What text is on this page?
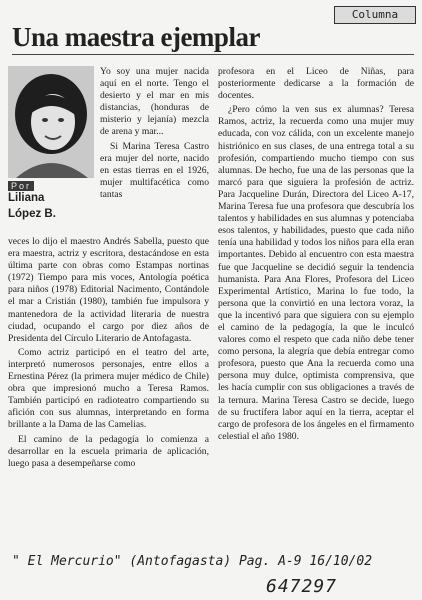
Columna
Una maestra ejemplar
Por
Liliana
López B.

Yo soy una mujer nacida aquí en el norte. Tengo el desierto y el mar en mis distancias, (honduras de misterio y lejanía) mezcla de arena y mar...

Si Marina Teresa Castro era mujer del norte, nacido en estas tierras en el 1926, mujer multifacética como tantas

veces lo dijo el maestro Andrés Sabella, puesto que era maestra, actriz y escritora, destacándose en esta última parte con obras como Estampas nortinas (1972) Tiempo para mis voces, Antología poética para niños (1978) Editorial Nacimento, Contándole el mar a Cristián (1980), también fue impulsora y mantenedora de la actividad literaria de nuestra ciudad, ocupando el cargo por diez años de Presidenta del Círculo Literario de Antofagasta.

Como actriz participó en el teatro del arte, interpretó numerosos personajes, entre ellos a Ernestina Pérez (la primera mujer médico de Chile) obra que impresionó mucho a Teresa Ramos. También participó en radioteatro compartiendo su afición con sus alumnas, interpretando en forma brillante a la Dama de las Camelias.

El camino de la pedagogía lo comienza a desarrollar en la escuela primaria de aplicación, luego pasa a desempeñarse como

profesora en el Liceo de Niñas, para posteriormente dedicarse a la formación de docentes.

¿Pero cómo la ven sus ex alumnas? Teresa Ramos, actriz, la recuerda como una mujer muy educada, con voz cálida, con un excelente manejo histriónico en sus clases, de una entrega total a su profesión, compartiendo mucho tiempo con sus alumnas. De hecho, fue una de las personas que la marcó para que siguiera la profesión de actriz. Para Jacqueline Durán, Directora del Liceo A-17, Marina Teresa fue una profesora que descubría los talentos y habilidades en sus alumnas y potenciaba esos talentos, y habilidades, puesto que cada niño tenía una habilidad y todos los niños para ella eran importantes. Debido al encuentro con esta maestra fue que Jacqueline se decidió seguir la tendencia humanista. Para Ana Flores, Profesora del Liceo Experimental Artístico, Marina lo fue todo, la persona que la convirtió en una lectora voraz, la que la incentivó para que siguiera con su ejemplo el camino de la pedagogía, la que le inculcó valores como el respeto que cada niño debe tener como persona, la alegría que debía entregar como profesora, puesto que Ana la recuerda como una persona muy dulce, optimista comprensiva, que les hacía cumplir con sus obligaciones a través de la ternura. Marina Teresa Castro se decide, luego de su fructífera labor aquí en la tierra, aceptar el cargo de profesora de los ángeles en el firmamento celestial el año 1980.

" El Mercurio" (Antofagasta) Pag. A-9 16/10/02
647297
